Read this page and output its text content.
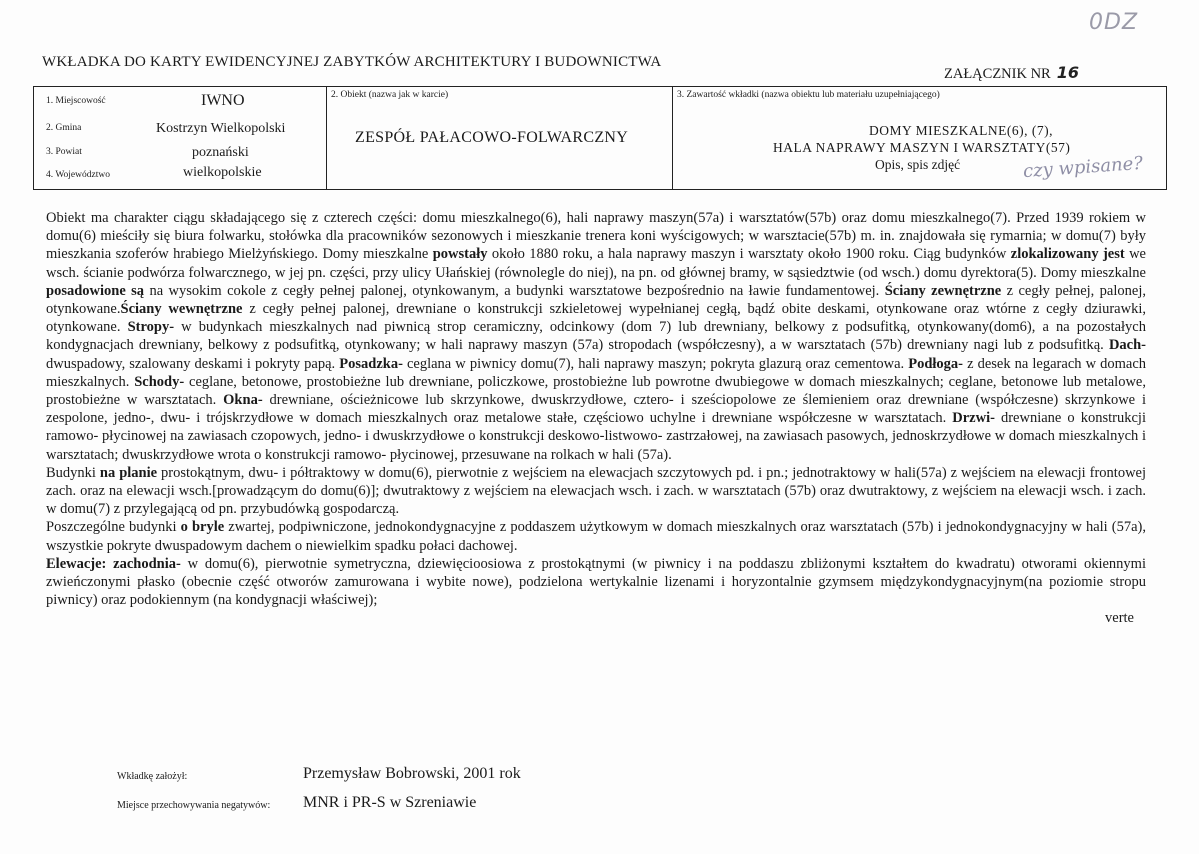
0DZ
WKŁADKA DO KARTY EWIDENCYJNEJ ZABYTKÓW ARCHITEKTURY I BUDOWNICTWA
ZAŁĄCZNIK NR 16
1. Miejscowość	IWNO
2. Gmina	Kostrzyn Wielkopolski
3. Powiat	poznański
4. Województwo	wielkopolskie
2. Obiekt (nazwa jak w karcie)
ZESPÓŁ PAŁACOWO-FOLWARCZNY
3. Zawartość wkładki (nazwa obiektu lub materiału uzupełniającego)
DOMY MIESZKALNE(6), (7),
HALA NAPRAWY MASZYN I WARSZTATY(57)
Opis, spis zdjęć	czy wpisane?

Obiekt ma charakter ciągu składającego się z czterech części: domu mieszkalnego(6), hali naprawy maszyn(57a) i warsztatów(57b) oraz domu mieszkalnego(7). Przed 1939 rokiem w domu(6) mieściły się biura folwarku, stołówka dla pracowników sezonowych i mieszkanie trenera koni wyścigowych; w warsztacie(57b) m. in. znajdowała się rymarnia; w domu(7) były mieszkania szoferów hrabiego Mielżyńskiego. Domy mieszkalne powstały około 1880 roku, a hala naprawy maszyn i warsztaty około 1900 roku. Ciąg budynków zlokalizowany jest we wsch. ścianie podwórza folwarcznego, w jej pn. części, przy ulicy Ułańskiej (równolegle do niej), na pn. od głównej bramy, w sąsiedztwie (od wsch.) domu dyrektora(5). Domy mieszkalne posadowione są na wysokim cokole z cegły pełnej palonej, otynkowanym, a budynki warsztatowe bezpośrednio na ławie fundamentowej. Ściany zewnętrzne z cegły pełnej, palonej, otynkowane.Ściany wewnętrzne z cegły pełnej palonej, drewniane o konstrukcji szkieletowej wypełnianej cegłą, bądź obite deskami, otynkowane oraz wtórne z cegły dziurawki, otynkowane. Stropy- w budynkach mieszkalnych nad piwnicą strop ceramiczny, odcinkowy (dom 7) lub drewniany, belkowy z podsufitką, otynkowany(dom6), a na pozostałych kondygnacjach drewniany, belkowy z podsufitką, otynkowany; w hali naprawy maszyn (57a) stropodach (współczesny), a w warsztatach (57b) drewniany nagi lub z podsufitką. Dach- dwuspadowy, szalowany deskami i pokryty papą. Posadzka- ceglana w piwnicy domu(7), hali naprawy maszyn; pokryta glazurą oraz cementowa. Podłoga- z desek na legarach w domach mieszkalnych. Schody- ceglane, betonowe, prostobieżne lub drewniane, policzkowe, prostobieżne lub powrotne dwubiegowe w domach mieszkalnych; ceglane, betonowe lub metalowe, prostobieżne w warsztatach. Okna- drewniane, ościeżnicowe lub skrzynkowe, dwuskrzydłowe, cztero- i sześciopolowe ze ślemieniem oraz drewniane (współczesne) skrzynkowe i zespolone, jedno-, dwu- i trójskrzydłowe w domach mieszkalnych oraz metalowe stałe, częściowo uchylne i drewniane współczesne w warsztatach. Drzwi- drewniane o konstrukcji ramowo- płycinowej na zawiasach czopowych, jedno- i dwuskrzydłowe o konstrukcji deskowo-listwowo- zastrzałowej, na zawiasach pasowych, jednoskrzydłowe w domach mieszkalnych i warsztatach; dwuskrzydłowe wrota o konstrukcji ramowo- płycinowej, przesuwane na rolkach w hali (57a).

Budynki na planie prostokątnym, dwu- i półtraktowy w domu(6), pierwotnie z wejściem na elewacjach szczytowych pd. i pn.; jednotraktowy w hali(57a) z wejściem na elewacji frontowej zach. oraz na elewacji wsch.[prowadzącym do domu(6)]; dwutraktowy z wejściem na elewacjach wsch. i zach. w warsztatach (57b) oraz dwutraktowy, z wejściem na elewacji wsch. i zach. w domu(7) z przylegającą od pn. przybudówką gospodarczą.

Poszczególne budynki o bryle zwartej, podpiwniczone, jednokondygnacyjne z poddaszem użytkowym w domach mieszkalnych oraz warsztatach (57b) i jednokondygnacyjny w hali (57a), wszystkie pokryte dwuspadowym dachem o niewielkim spadku połaci dachowej.

Elewacje: zachodnia- w domu(6), pierwotnie symetryczna, dziewięcioosiowa z prostokątnymi (w piwnicy i na poddaszu zbliżonymi kształtem do kwadratu) otworami okiennymi zwieńczonymi płasko (obecnie część otworów zamurowana i wybite nowe), podzielona wertykalnie lizenami i horyzontalnie gzymsem międzykondygnacyjnym(na poziomie stropu piwnicy) oraz podokiennym (na kondygnacji właściwej);

verte

Wkładkę założył:	Przemysław Bobrowski, 2001 rok
Miejsce przechowywania negatywów: MNR i PR-S w Szreniawie
